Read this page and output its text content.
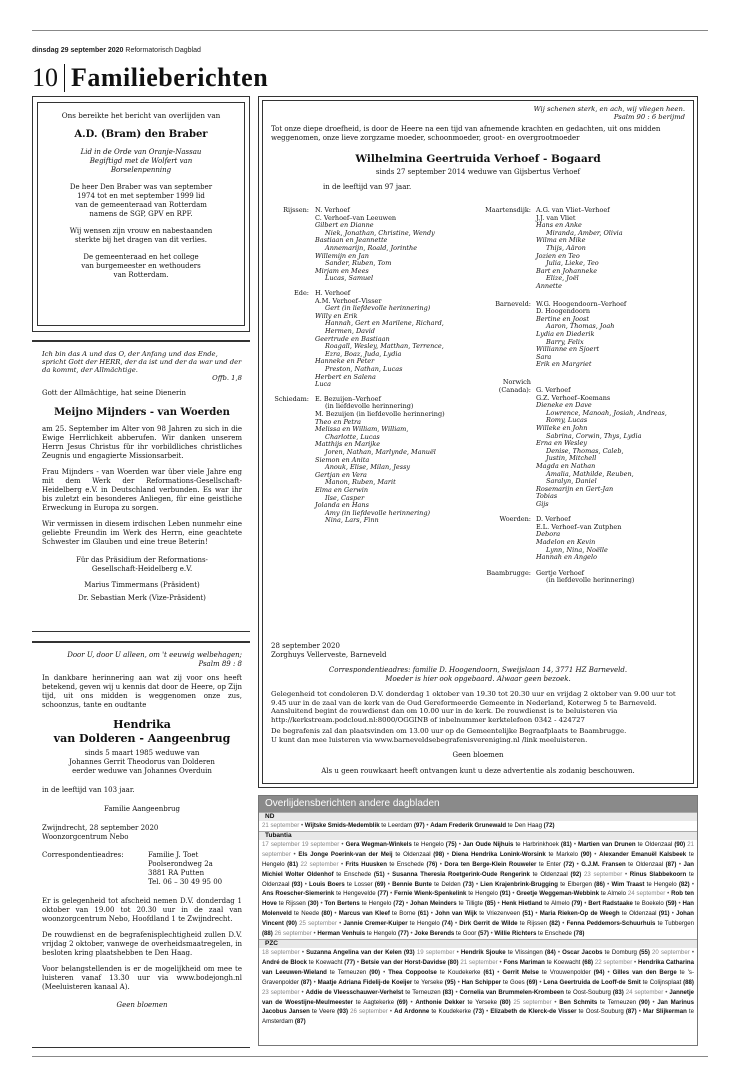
dinsdag 29 september 2020 Reformatorisch Dagblad
10 Familieberichten

Ons bereikte het bericht van overlijden van

A.D. (Bram) den Braber

Lid in de Orde van Oranje-Nassau
Begiftigd met de Wolfert van
Borselenpenning
De heer Den Braber was van september
1974 tot en met september 1999 lid
van de gemeenteraad van Rotterdam
namens de SGP, GPV en RPF.
Wij wensen zijn vrouw en nabestaanden
sterkte bij het dragen van dit verlies.
De gemeenteraad en het college
van burgemeester en wethouders
van Rotterdam.

Ich bin das A und das O, der Anfang und das Ende, spricht Gott der HERR, der da ist und der da war und der da kommt, der Allmächtige.

Offb. 1,8

Gott der Allmächtige, hat seine Dienerin

Meijno Mijnders - van Woerden

am 25. September im Alter von 98 Jahren zu sich in die Ewige Herrlichkeit abberufen. Wir danken unserem Herrn Jesus Christus für ihr vorbildliches christliches Zeugnis und engagierte Missionsarbeit.

Frau Mijnders - van Woerden war über viele Jahre eng mit dem Werk der Reformations-Gesellschaft-Heidelberg e.V. in Deutschland verbunden. Es war ihr bis zuletzt ein besonderes Anliegen, für eine geistliche Erweckung in Europa zu sorgen.

Wir vermissen in diesem irdischen Leben nunmehr eine geliebte Freundin im Werk des Herrn, eine geachtete Schwester im Glauben und eine treue Beterin!

Für das Präsidium der Reformations-
Gesellschaft-Heidelberg e.V.

Marius Timmermans (Präsident)

Dr. Sebastian Merk (Vize-Präsident)

Door U, door U alleen, om 't eeuwig welbehagen;

Psalm 89 : 8

In dankbare herinnering aan wat zij voor ons heeft betekend, geven wij u kennis dat door de Heere, op Zijn tijd, uit ons midden is weggenomen onze zus, schoonzus, tante en oudtante

Hendrika

van Dolderen - Aangeenbrug

sinds 5 maart 1985 weduwe van
Johannes Gerrit Theodorus van Dolderen
eerder weduwe van Johannes Overduin

in de leeftijd van 103 jaar.

Familie Aangeenbrug

Zwijndrecht, 28 september 2020
Woonzorgcentrum Nebo
Correspondentieadres:	Familie J. Toet
Poolserondweg 2a
3881 RA Putten
Tel. 06 – 30 49 95 00

Er is gelegenheid tot afscheid nemen D.V. donderdag 1 oktober van 19.00 tot 20.30 uur in de zaal van woonzorgcentrum Nebo, Hoofdland 1 te Zwijndrecht.

De rouwdienst en de begrafenisplechtigheid zullen D.V. vrijdag 2 oktober, vanwege de overheidsmaatregelen, in besloten kring plaatshebben te Den Haag.

Voor belangstellenden is er de mogelijkheid om mee te luisteren vanaf 13.30 uur via www.bodejongh.nl (Meeluisteren kanaal A).

Geen bloemen

Wij schenen sterk, en ach, wij vliegen heen.

Psalm 90 : 6 berijmd

Tot onze diepe droefheid, is door de Heere na een tijd van afnemende krachten en gedachten, uit ons midden weggenomen, onze lieve zorgzame moeder, schoonmoeder, groot- en overgrootmoeder

Wilhelmina Geertruida Verhoef - Bogaard

sinds 27 september 2014 weduwe van Gijsbertus Verhoef

in de leeftijd van 97 jaar.

Rijssen: N. Verhoef
C. Verhoef–van Leeuwen
Gilbert en Dianne
Niek, Jonathan, Christine, Wendy
Bastiaan en Jeannette
Annemarijn, Roald, Jorinthe
Willemijn en Jan
Sander, Ruben, Tom
Mirjam en Mees
Lucas, Samuel
Ede: H. Verhoef
A.M. Verhoef–Visser
Gert (in liefdevolle herinnering)
Willy en Erik
Hannah, Gert en Marilene, Richard,
Hermen, David
Geertrude en Bastiaan
Roagall, Wesley, Matthan, Terrence,
Ezra, Boaz, Juda, Lydia
Hanneke en Peter
Preston, Nathan, Lucas
Herbert en Salena
Luca
Schiedam: E. Bezuijen–Verhoef
(in liefdevolle herinnering)
M. Bezuijen (in liefdevolle herinnering)
Theo en Petra
Melissa en William, William,
Charlotte, Lucas
Matthijs en Marijke
Joren, Nathan, Marlynde, Manuël
Siemon en Anita
Anouk, Elise, Milan, Jessy
Gertjan en Vera
Manon, Ruben, Marit
Elma en Gerwin
Ilse, Casper
Jolanda en Hans
Amy (in liefdevolle herinnering)
Nina, Lars, Finn
Maartensdijk: A.G. van Vliet–Verhoef
J.J. van Vliet
Hans en Anke
Miranda, Amber, Olivia
Wilma en Mike
Thijs, Aäron
Jozien en Teo
Julia, Lieke, Teo
Bart en Johanneke
Elize, Joël
Annette
Barneveld: W.G. Hoogendoorn–Verhoef
D. Hoogendoorn
Bertine en Joost
Aaron, Thomas, Joah
Lydia en Diederik
Barry, Felix
Willianne en Sjoert
Sara
Erik en Margriet
Norwich (Canada): G. Verhoef
G.Z. Verhoef–Koemans
Dieneke en Dave
Lowrence, Manoah, Josiah, Andreas,
Romy, Lucas
Willeke en John
Sabrina, Corwin, Thys, Lydia
Erna en Wesley
Denise, Thomas, Caleb,
Justin, Mitchell
Magda en Nathan
Amalia, Mathilde, Reuben,
Saralyn, Daniel
Rosemarijn en Gert-Jan
Tobias
Gijs
Woerden: D. Verhoef
E.L. Verhoef–van Zutphen
Debora
Madelon en Kevin
Lynn, Nina, Noëlle
Hannah en Angelo
Baambrugge: Gertje Verhoef
(in liefdevolle herinnering)
28 september 2020
Zorghuys Vellerveste, Barneveld
Correspondentieadres: familie D. Hoogendoorn, Sweijslaan 14, 3771 HZ Barneveld.
Moeder is hier ook opgebaard. Alwaar geen bezoek.

Gelegenheid tot condoleren D.V. donderdag 1 oktober van 19.30 tot 20.30 uur en vrijdag 2 oktober van 9.00 uur tot 9.45 uur in de zaal van de kerk van de Oud Gereformeerde Gemeente in Nederland, Koterweg 5 te Barneveld. Aansluitend begint de rouwdienst dan om 10.00 uur in de kerk. De rouwdienst is te beluisteren via http://kerkstream.podcloud.nl:8000/OGGINB of inbelnummer kerktelefoon 0342 - 424727

De begrafenis zal dan plaatsvinden om 13.00 uur op de Gemeentelijke Begraafplaats te Baambrugge.

U kunt dan mee luisteren via www.barneveldsebegrafenisvereniging.nl /link meeluisteren.

Geen bloemen

Als u geen rouwkaart heeft ontvangen kunt u deze advertentie als zodanig beschouwen.

Overlijdensberichten andere dagbladen
ND
21 september • Wijtske Smids-Medemblik te Leerdam (97) • Adam Frederik Grunewald te Den Haag (72)
Tubantia
17 september 19 september • Gera Wegman-Winkels te Hengelo (75) • Jan Oude Nijhuis te Harbrinkhoek (81) • Martien van Drunen te Oldenzaal (90) 21 september • Els Jonge Poerink-van der Meij te Oldenzaal (98) • Diena Hendrika Lonink-Worsink te Markelo (90) • Alexander Emanuël Kalsbeek te Hengelo (81) 22 september • Frits Huusken te Enschede (76) • Dora ten Berge-Klein Rouweler te Enter (72) • G.J.M. Fransen te Oldenzaal (87) • Jan Michiel Wolter Oldenhof te Enschede (51) • Susanna Theresia Roetgerink-Oude Rengerink te Oldenzaal (92) 23 september • Rinus Slabbekoorn te Oldenzaal (93) • Louis Boers te Losser (69) • Bennie Bunte te Delden (73) • Lien Krajenbrink-Brugging te Elbergen (86) • Wim Traast te Hengelo (82) • Ans Roescher-Siemerink te Hengevelde (77) • Fernie Wienk-Spenkelink te Hengelo (91) • Greetje Weggeman-Webbink te Almelo 24 september • Rob ten Hove te Rijssen (30) • Ton Bertens te Hengelo (72) • Johan Meinders te Tilligte (85) • Henk Hietland te Almelo (79) • Bert Radstaake te Boekelo (59) • Han Molenveld te Neede (80) • Marcus van Kleef te Borne (61) • John van Wijk te Vriezenveen (51) • Maria Rieken-Op de Weegh te Oldenzaal (91) • Johan Vincent (90) 25 september • Jannie Cremer-Kuiper te Hengelo (74) • Dirk Gerrit de Wilde te Rijssen (82) • Fenna Peddemors-Schuurhuis te Tubbergen (88) 26 september • Herman Venhuis te Hengelo (77) • Joke Berends te Goor (57) • Willie Richters te Enschede (78)
PZC
18 september • Suzanna Angelina van der Kelen (93) 19 september • Hendrik Sjouke te Vlissingen (84) • Oscar Jacobs te Domburg (55) 20 september • André de Block te Koewacht (77) • Betsie van der Horst-Davidse (80) 21 september • Fons Mariman te Koewacht (68) 22 september • Hendrika Catharina van Leeuwen-Wieland te Terneuzen (90) • Thea Coppoolse te Koudekerke (61) • Gerrit Melse te Vrouwenpolder (94) • Gilles van den Berge te 's-Gravenpolder (87) • Maatje Adriana Fidelij-de Koeijer te Yerseke (95) • Han Schipper te Goes (69) • Lena Geertruida de Looff-de Smit te Colijnsplaat (88) 23 september • Addie de Vleesschauwer-Verhelst te Terneuzen (83) • Cornelia van Brummelen-Krombeen te Oost-Souburg (83) 24 september • Jannetje van de Woestijne-Meulmeester te Aagtekerke (69) • Anthonie Dekker te Yerseke (80) 25 september • Ben Schmits te Terneuzen (90) • Jan Marinus Jacobus Jansen te Veere (93) 26 september • Ad Ardonne te Koudekerke (73) • Elizabeth de Klerck-de Visser te Oost-Souburg (87) • Mar Slijkerman te Amsterdam (87)
